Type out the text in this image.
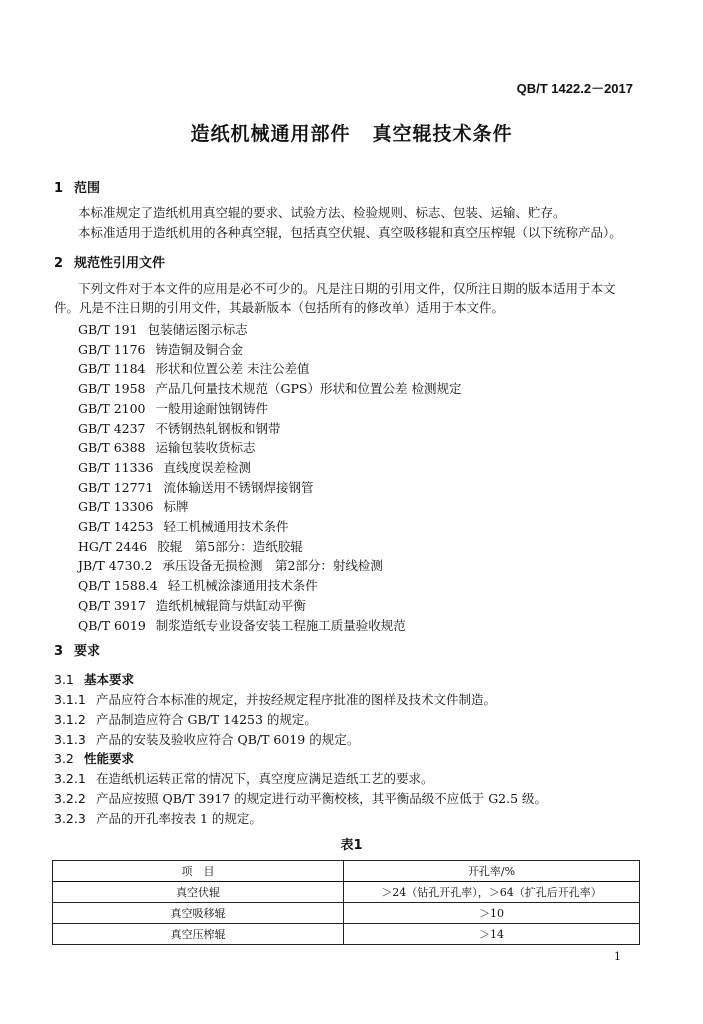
QB/T 1422.2－2017
造纸机械通用部件 真空辊技术条件
1 范围
本标准规定了造纸机用真空辊的要求、试验方法、检验规则、标志、包装、运输、贮存。
本标准适用于造纸机用的各种真空辊，包括真空伏辊、真空吸移辊和真空压榨辊（以下统称产品）。
2 规范性引用文件
下列文件对于本文件的应用是必不可少的。凡是注日期的引用文件，仅所注日期的版本适用于本文
件。凡是不注日期的引用文件，其最新版本（包括所有的修改单）适用于本文件。
GB/T 191 包装储运图示标志
GB/T 1176 铸造铜及铜合金
GB/T 1184 形状和位置公差 未注公差值
GB/T 1958 产品几何量技术规范（GPS）形状和位置公差 检测规定
GB/T 2100 一般用途耐蚀钢铸件
GB/T 4237 不锈钢热轧钢板和钢带
GB/T 6388 运输包装收货标志
GB/T 11336 直线度误差检测
GB/T 12771 流体输送用不锈钢焊接钢管
GB/T 13306 标牌
GB/T 14253 轻工机械通用技术条件
HG/T 2446 胶辊　第5部分：造纸胶辊
JB/T 4730.2 承压设备无损检测　第2部分：射线检测
QB/T 1588.4 轻工机械涂漆通用技术条件
QB/T 3917 造纸机械辊筒与烘缸动平衡
QB/T 6019 制浆造纸专业设备安装工程施工质量验收规范
3 要求
3.1 基本要求
3.1.1 产品应符合本标准的规定，并按经规定程序批准的图样及技术文件制造。
3.1.2 产品制造应符合 GB/T 14253 的规定。
3.1.3 产品的安装及验收应符合 QB/T 6019 的规定。
3.2 性能要求
3.2.1 在造纸机运转正常的情况下，真空度应满足造纸工艺的要求。
3.2.2 产品应按照 QB/T 3917 的规定进行动平衡校核，其平衡品级不应低于 G2.5 级。
3.2.3 产品的开孔率按表 1 的规定。
表1
项　目	开孔率/%
真空伏辊	＞24（钻孔开孔率），＞64（扩孔后开孔率）
真空吸移辊	＞10
真空压榨辊	＞14
1
